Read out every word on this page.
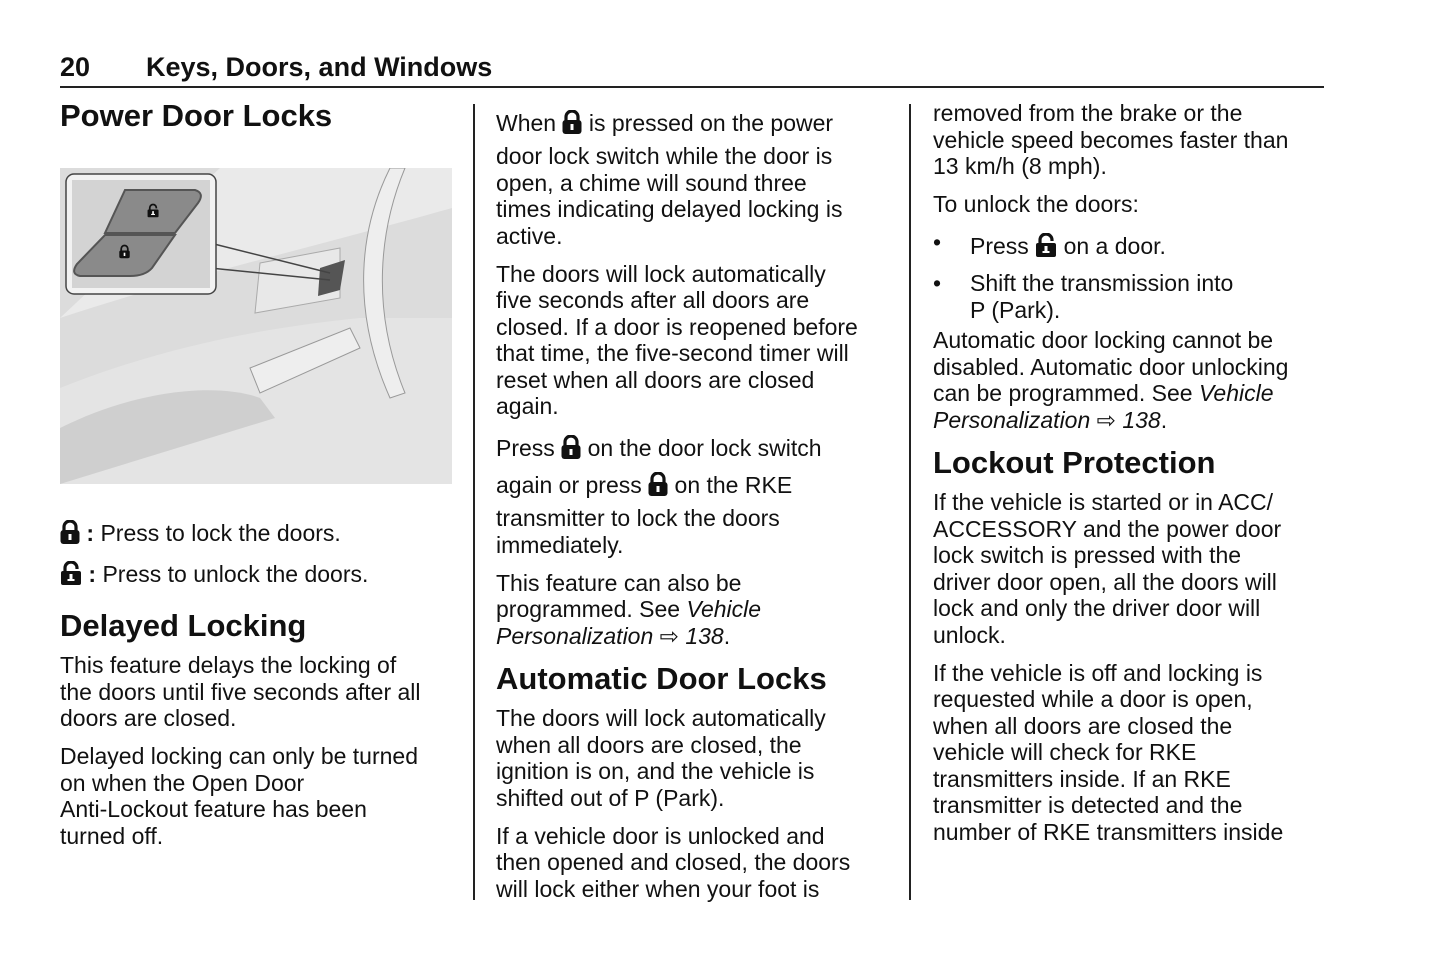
20 Keys, Doors, and Windows
Power Door Locks
: Press to lock the doors.
: Press to unlock the doors.
Delayed Locking
This feature delays the locking of
the doors until five seconds after all
doors are closed.
Delayed locking can only be turned
on when the Open Door
Anti-Lockout feature has been
turned off.
When  is pressed on the power
door lock switch while the door is
open, a chime will sound three
times indicating delayed locking is
active.
The doors will lock automatically
five seconds after all doors are
closed. If a door is reopened before
that time, the five-second timer will
reset when all doors are closed
again.
Press  on the door lock switch
again or press  on the RKE
transmitter to lock the doors
immediately.
This feature can also be
programmed. See Vehicle
Personalization ⇨ 138.
Automatic Door Locks
The doors will lock automatically
when all doors are closed, the
ignition is on, and the vehicle is
shifted out of P (Park).
If a vehicle door is unlocked and
then opened and closed, the doors
will lock either when your foot is
removed from the brake or the
vehicle speed becomes faster than
13 km/h (8 mph).
To unlock the doors:
• Press  on a door.
• Shift the transmission into
P (Park).
Automatic door locking cannot be
disabled. Automatic door unlocking
can be programmed. See Vehicle
Personalization ⇨ 138.
Lockout Protection
If the vehicle is started or in ACC/
ACCESSORY and the power door
lock switch is pressed with the
driver door open, all the doors will
lock and only the driver door will
unlock.
If the vehicle is off and locking is
requested while a door is open,
when all doors are closed the
vehicle will check for RKE
transmitters inside. If an RKE
transmitter is detected and the
number of RKE transmitters inside
